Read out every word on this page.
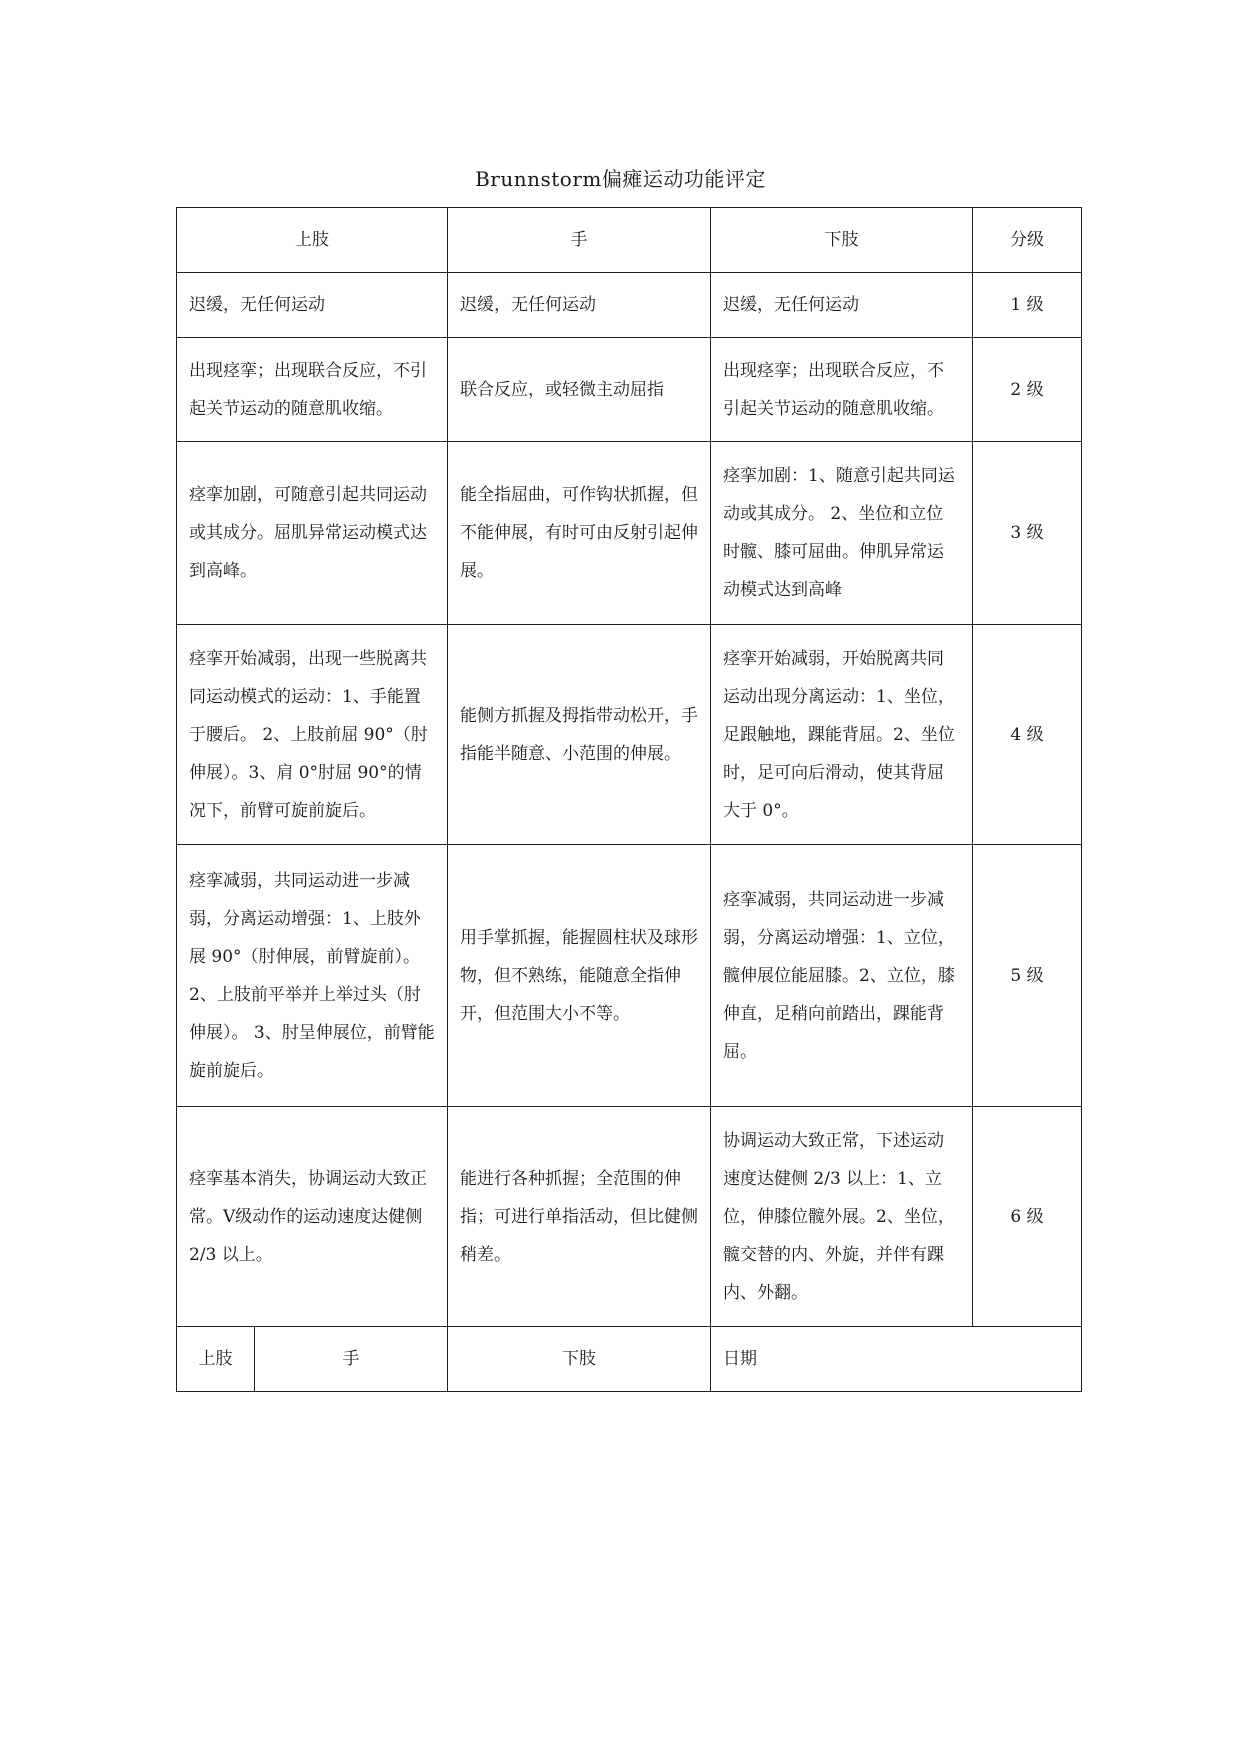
Brunnstorm偏瘫运动功能评定
上肢		手	下肢	分级
迟缓，无任何运动		迟缓，无任何运动	迟缓，无任何运动	1 级
出现痉挛；出现联合反应，不引起关节运动的随意肌收缩。		联合反应，或轻微主动屈指	出现痉挛；出现联合反应，不引起关节运动的随意肌收缩。	2 级
痉挛加剧，可随意引起共同运动或其成分。屈肌异常运动模式达到高峰。		能全指屈曲，可作钩状抓握，但不能伸展，有时可由反射引起伸展。	痉挛加剧：1、随意引起共同运动或其成分。 2、坐位和立位时髋、膝可屈曲。伸肌异常运动模式达到高峰	3 级
痉挛开始减弱，出现一些脱离共同运动模式的运动：1、手能置于腰后。 2、上肢前屈 90°（肘伸展）。3、肩 0°肘屈 90°的情况下，前臂可旋前旋后。		能侧方抓握及拇指带动松开，手指能半随意、小范围的伸展。	痉挛开始减弱，开始脱离共同运动出现分离运动：1、坐位，足跟触地，踝能背屈。2、坐位时，足可向后滑动，使其背屈大于 0°。	4 级
痉挛减弱，共同运动进一步减弱，分离运动增强：1、上肢外展 90°（肘伸展，前臂旋前）。2、上肢前平举并上举过头（肘伸展）。 3、肘呈伸展位，前臂能旋前旋后。		用手掌抓握，能握圆柱状及球形物，但不熟练，能随意全指伸开，但范围大小不等。	痉挛减弱，共同运动进一步减弱，分离运动增强：1、立位，髋伸展位能屈膝。2、立位，膝伸直，足稍向前踏出，踝能背屈。	5 级
痉挛基本消失，协调运动大致正常。V级动作的运动速度达健侧 2/3 以上。		能进行各种抓握；全范围的伸指；可进行单指活动，但比健侧稍差。	协调运动大致正常，下述运动速度达健侧 2/3 以上：1、立位，伸膝位髋外展。2、坐位，髋交替的内、外旋，并伴有踝内、外翻。	6 级
上肢	手	下肢	日期	
